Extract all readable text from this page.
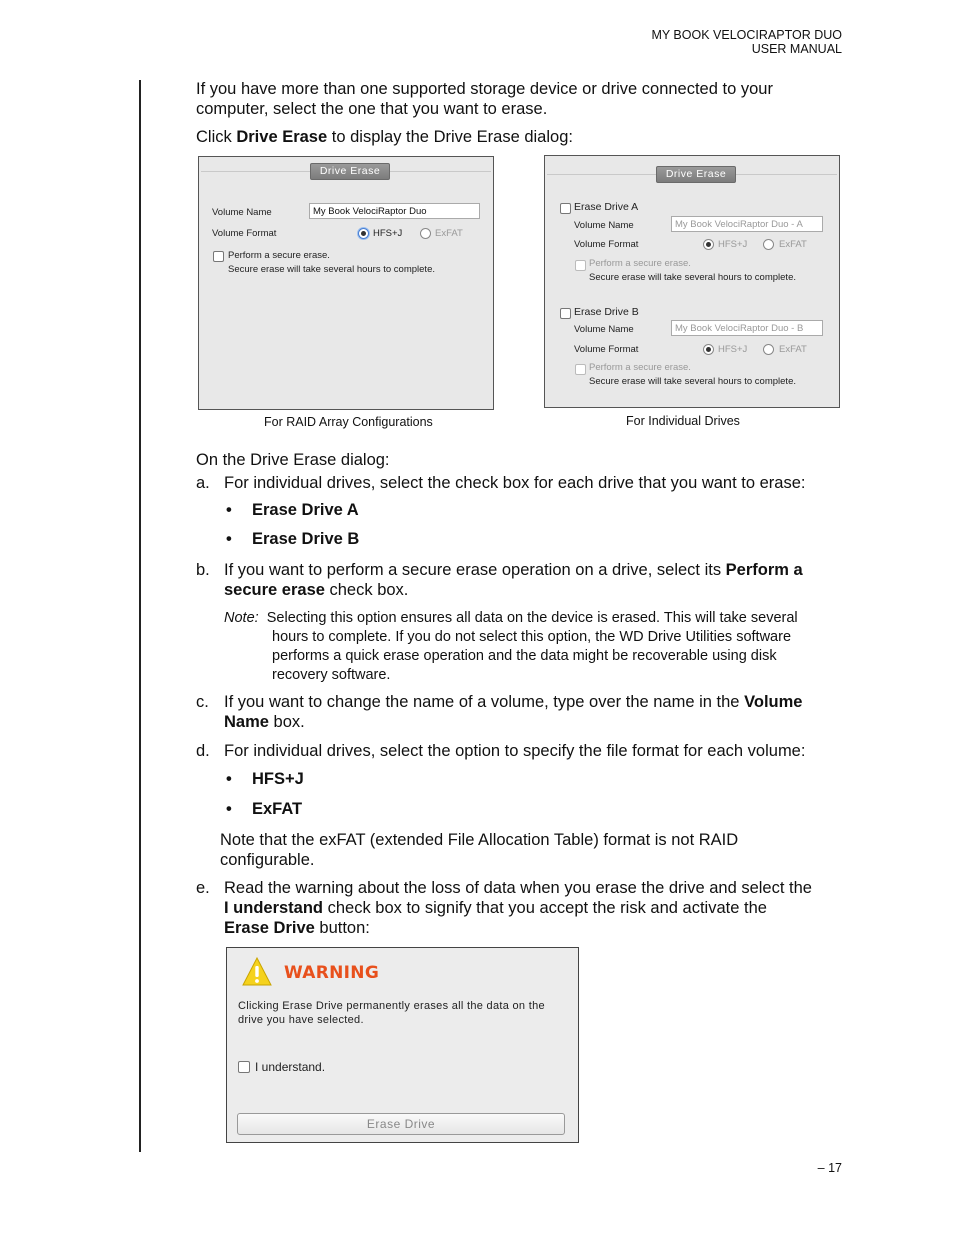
MY BOOK VELOCIRAPTOR DUO
USER MANUAL
If you have more than one supported storage device or drive connected to your computer, select the one that you want to erase.
Click Drive Erase to display the Drive Erase dialog:
Drive Erase
Volume Name	My Book VelociRaptor Duo
Volume Format	HFS+J	ExFAT
Perform a secure erase.
Secure erase will take several hours to complete.
For RAID Array Configurations
Drive Erase
Erase Drive A
Volume Name	My Book VelociRaptor Duo - A
Volume Format	HFS+J	ExFAT
Perform a secure erase.
Secure erase will take several hours to complete.
Erase Drive B
Volume Name	My Book VelociRaptor Duo - B
Volume Format	HFS+J	ExFAT
Perform a secure erase.
Secure erase will take several hours to complete.
For Individual Drives
On the Drive Erase dialog:
a. For individual drives, select the check box for each drive that you want to erase:
• Erase Drive A
• Erase Drive B
b. If you want to perform a secure erase operation on a drive, select its Perform a
secure erase check box.
Note: Selecting this option ensures all data on the device is erased. This will take several
hours to complete. If you do not select this option, the WD Drive Utilities software
performs a quick erase operation and the data might be recoverable using disk
recovery software.
c. If you want to change the name of a volume, type over the name in the Volume
Name box.
d. For individual drives, select the option to specify the file format for each volume:
• HFS+J
• ExFAT
Note that the exFAT (extended File Allocation Table) format is not RAID
configurable.
e. Read the warning about the loss of data when you erase the drive and select the
I understand check box to signify that you accept the risk and activate the
Erase Drive button:
WARNING
Clicking Erase Drive permanently erases all the data on the
drive you have selected.
I understand.
Erase Drive
– 17
